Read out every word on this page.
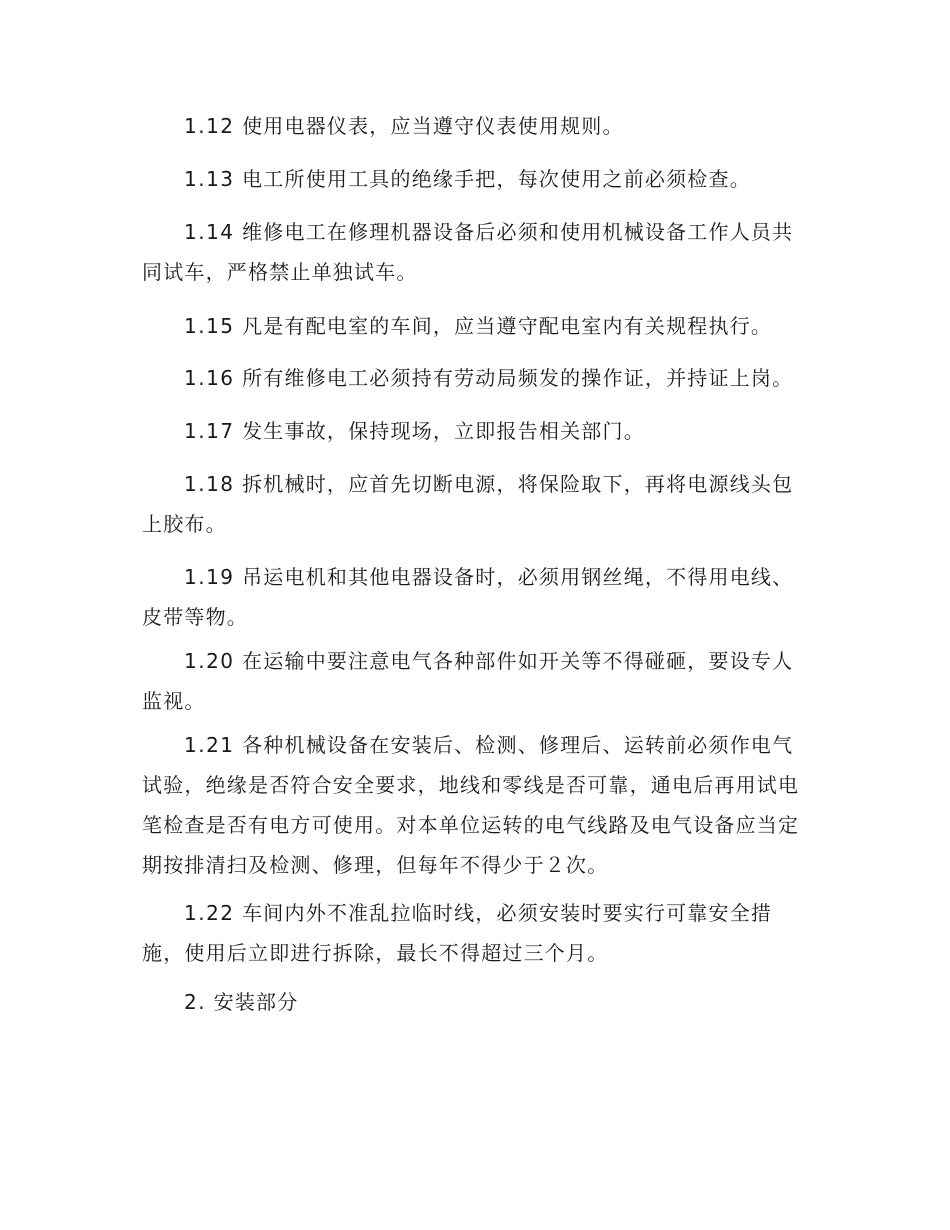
1.12 使用电器仪表，应当遵守仪表使用规则。

1.13 电工所使用工具的绝缘手把，每次使用之前必须检查。

1.14 维修电工在修理机器设备后必须和使用机械设备工作人员共同试车，严格禁止单独试车。

1.15 凡是有配电室的车间，应当遵守配电室内有关规程执行。

1.16 所有维修电工必须持有劳动局频发的操作证，并持证上岗。

1.17 发生事故，保持现场，立即报告相关部门。

1.18 拆机械时，应首先切断电源，将保险取下，再将电源线头包上胶布。

1.19 吊运电机和其他电器设备时，必须用钢丝绳，不得用电线、皮带等物。

1.20 在运输中要注意电气各种部件如开关等不得碰砸，要设专人监视。

1.21 各种机械设备在安装后、检测、修理后、运转前必须作电气试验，绝缘是否符合安全要求，地线和零线是否可靠，通电后再用试电笔检查是否有电方可使用。对本单位运转的电气线路及电气设备应当定期按排清扫及检测、修理，但每年不得少于２次。

1.22 车间内外不准乱拉临时线，必须安装时要实行可靠安全措施，使用后立即进行拆除，最长不得超过三个月。

2. 安装部分
